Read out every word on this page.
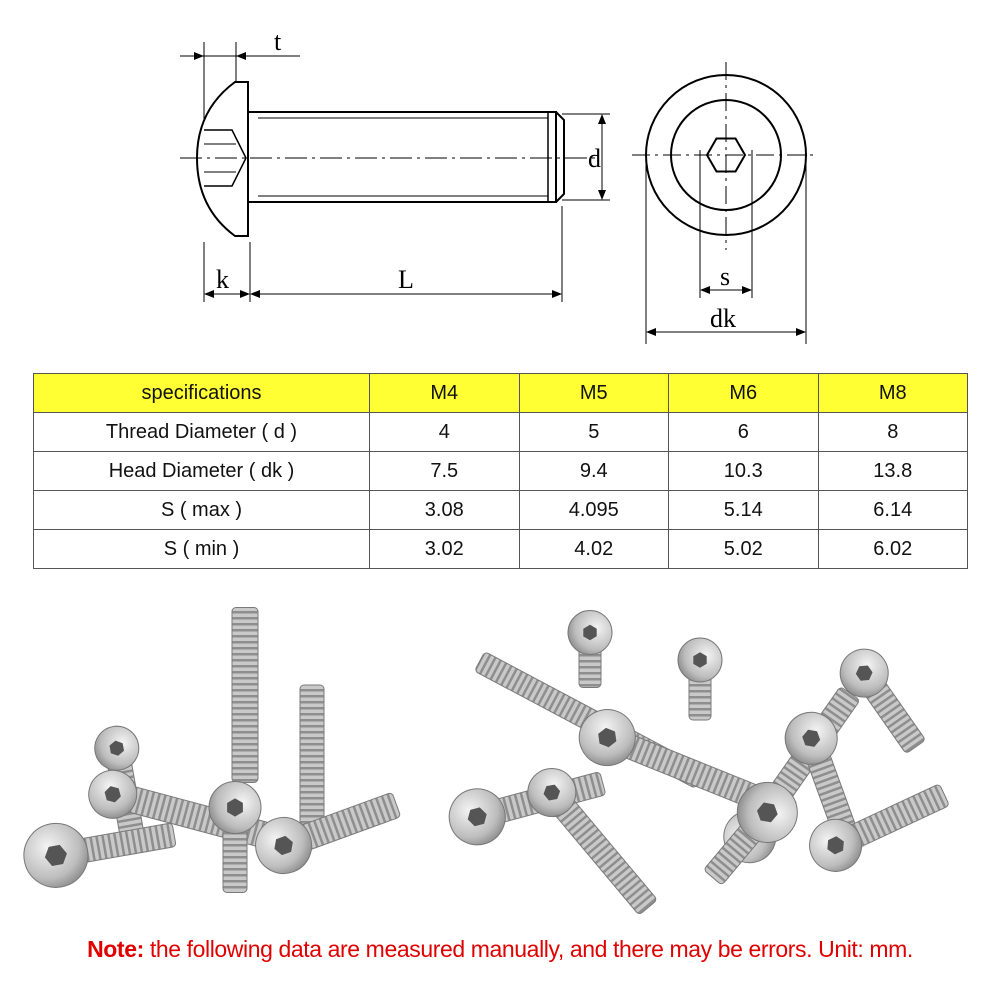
t
d
k	L	s
dk
specifications	M4	M5	M6	M8
Thread Diameter ( d )	4	5	6	8
Head Diameter ( dk )	7.5	9.4	10.3	13.8
S ( max )	3.08	4.095	5.14	6.14
S ( min )	3.02	4.02	5.02	6.02
Note: the following data are measured manually, and there may be errors. Unit: mm.
